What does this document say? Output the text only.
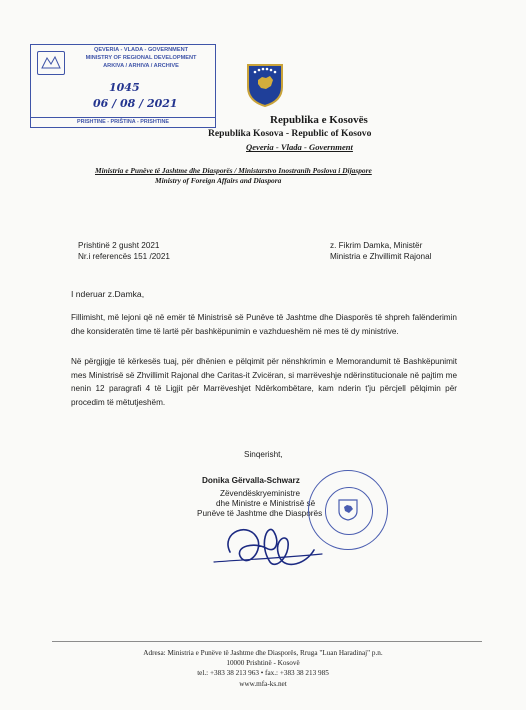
QEVERIA - VLADA - GOVERNMENT
MINISTRY OF REGIONAL DEVELOPMENT
ARKIVA / ARHIVA / ARCHIVE
1045
06 / 08 / 2021
PRISHTINE - PRIŠTINA - PRISHTINE	Republika e Kosovës
Republika Kosova - Republic of Kosovo
Qeveria - Vlada - Government
Ministria e Punëve të Jashtme dhe Diasporës / Ministarstvo Inostranih Poslova i Dijaspore
Ministry of Foreign Affairs and Diaspora
Prishtinë 2 gusht 2021
Nr.i referencës 151 /2021
z. Fikrim Damka, Ministër
Ministria e Zhvillimit Rajonal
I nderuar z.Damka,
Fillimisht, më lejoni që në emër të Ministrisë së Punëve të Jashtme dhe Diasporës të shpreh falënderimin dhe konsideratën time të lartë për bashkëpunimin e vazhdueshëm në mes të dy ministrive.
Në përgjigje të kërkesës tuaj, për dhënien e pëlqimit për nënshkrimin e Memorandumit të Bashkëpunimit mes Ministrisë së Zhvillimit Rajonal dhe Caritas-it Zvicëran, si marrëveshje ndërinstitucionale në pajtim me nenin 12 paragrafi 4 të Ligjit për Marrëveshjet Ndërkombëtare, kam nderin t'ju përcjell pëlqimin për procedim të mëtutjeshëm.
Sinqerisht,
Donika Gërvalla-Schwarz
Zëvendëskryeministre
dhe Ministre e Ministrisë së
Punëve të Jashtme dhe Diasporës
Adresa: Ministria e Punëve të Jashtme dhe Diasporës, Rruga "Luan Haradinaj" p.n.
10000 Prishtinë - Kosovë
tel.: +383 38 213 963 • fax.: +383 38 213 985
www.mfa-ks.net
